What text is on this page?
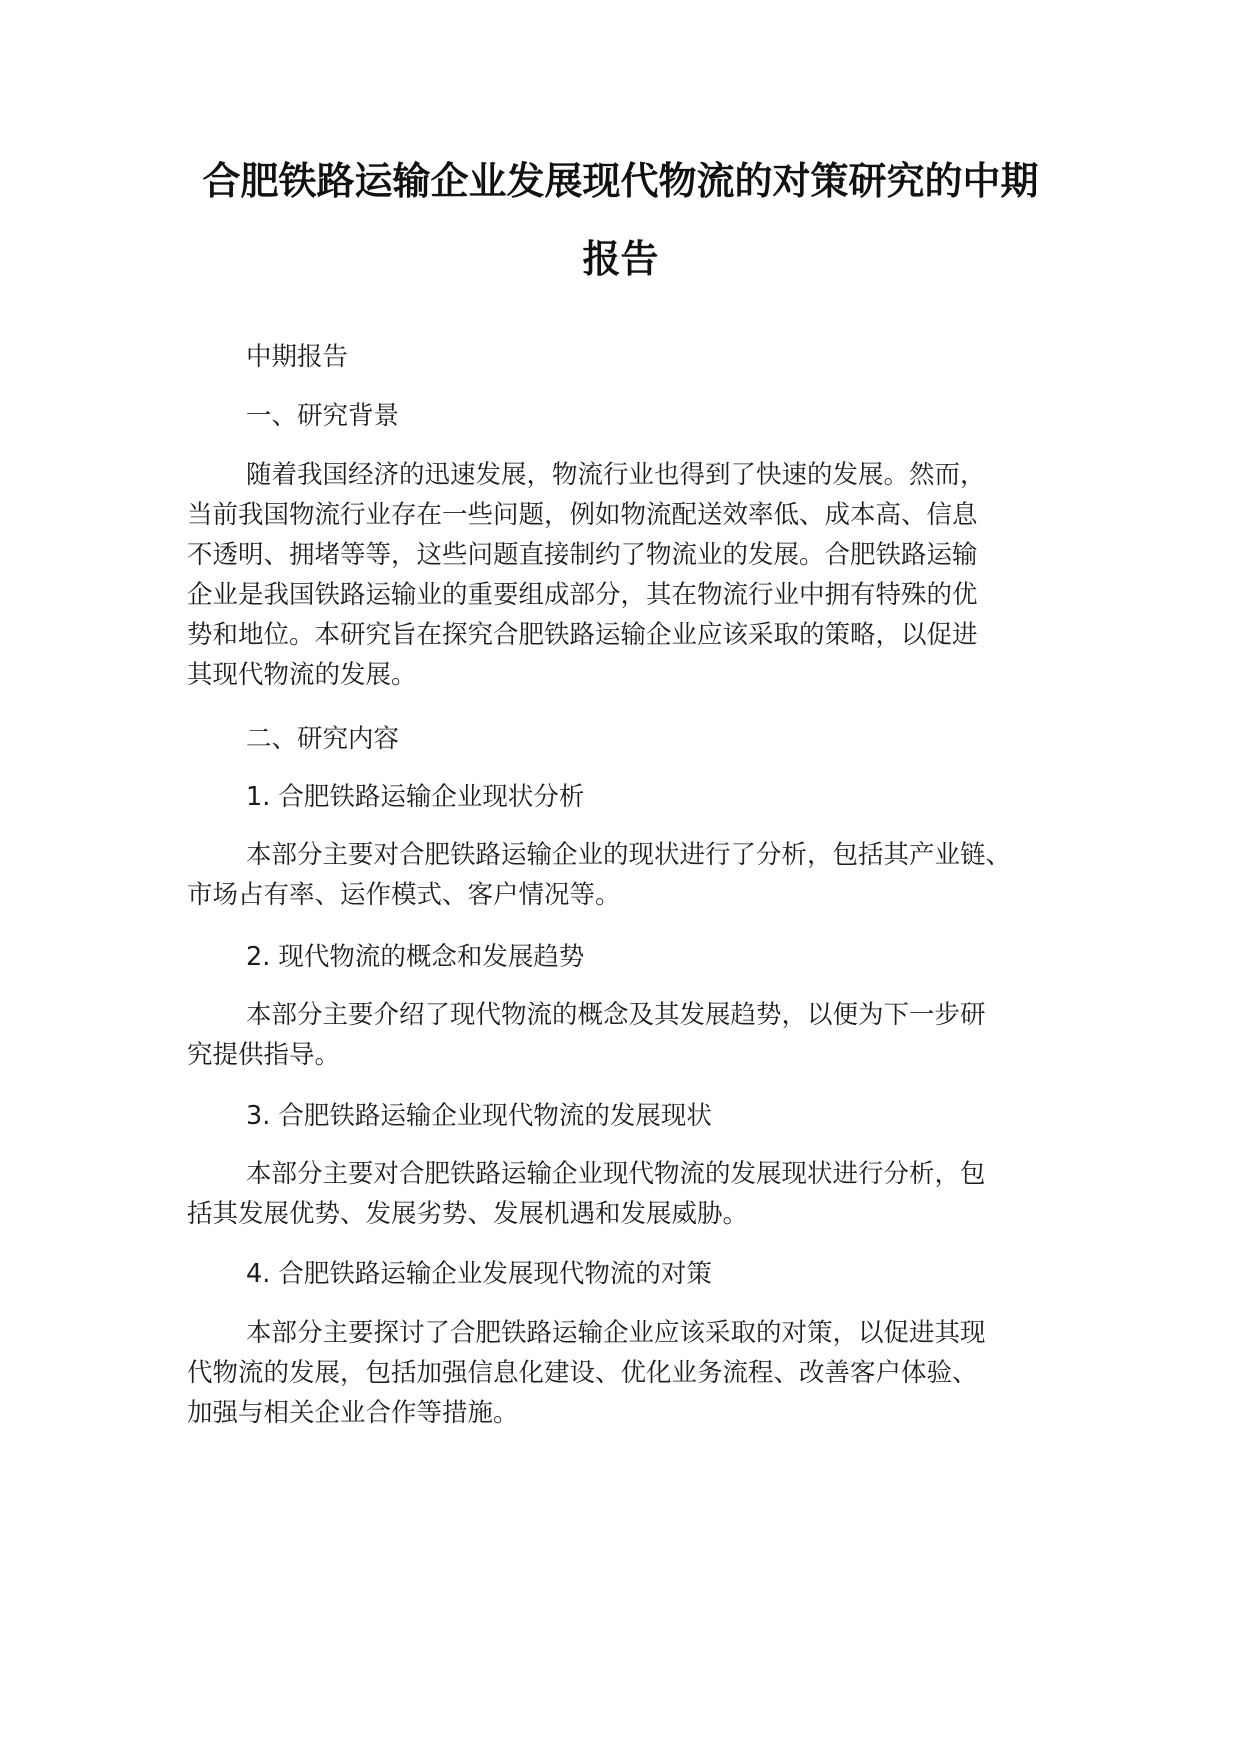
合肥铁路运输企业发展现代物流的对策研究的中期
报告
中期报告
一、研究背景
随着我国经济的迅速发展，物流行业也得到了快速的发展。然而，
当前我国物流行业存在一些问题，例如物流配送效率低、成本高、信息
不透明、拥堵等等，这些问题直接制约了物流业的发展。合肥铁路运输
企业是我国铁路运输业的重要组成部分，其在物流行业中拥有特殊的优
势和地位。本研究旨在探究合肥铁路运输企业应该采取的策略，以促进
其现代物流的发展。
二、研究内容
1. 合肥铁路运输企业现状分析
本部分主要对合肥铁路运输企业的现状进行了分析，包括其产业链、
市场占有率、运作模式、客户情况等。
2. 现代物流的概念和发展趋势
本部分主要介绍了现代物流的概念及其发展趋势，以便为下一步研
究提供指导。
3. 合肥铁路运输企业现代物流的发展现状
本部分主要对合肥铁路运输企业现代物流的发展现状进行分析，包
括其发展优势、发展劣势、发展机遇和发展威胁。
4. 合肥铁路运输企业发展现代物流的对策
本部分主要探讨了合肥铁路运输企业应该采取的对策，以促进其现
代物流的发展，包括加强信息化建设、优化业务流程、改善客户体验、
加强与相关企业合作等措施。
